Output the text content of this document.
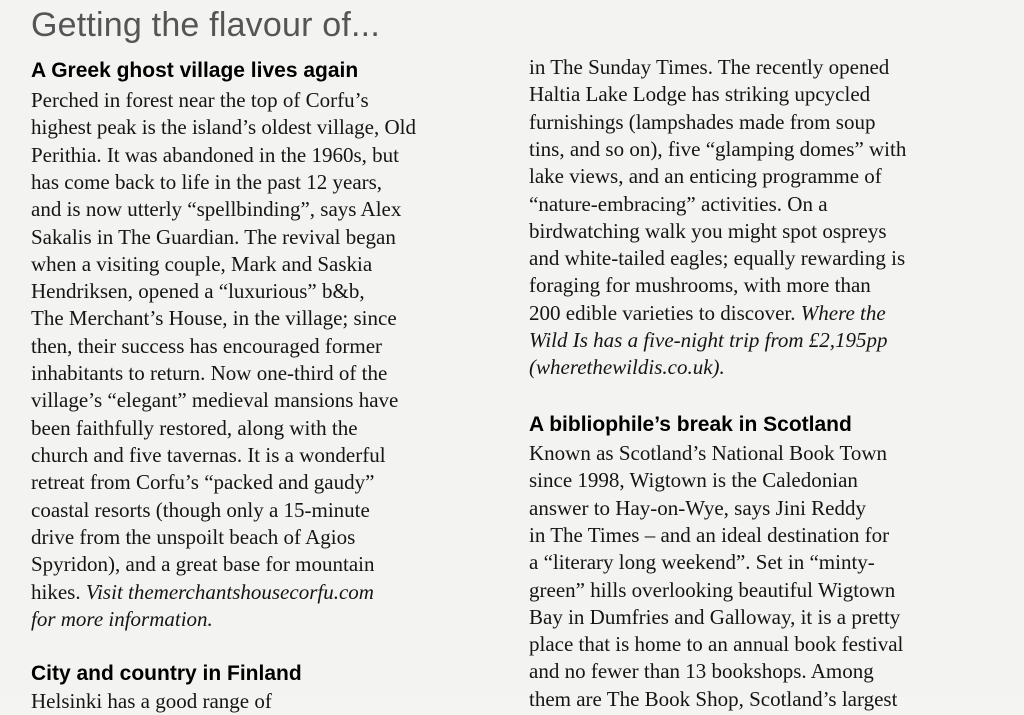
Getting the flavour of...
A Greek ghost village lives again
Perched in forest near the top of Corfu’s
highest peak is the island’s oldest village, Old
Perithia. It was abandoned in the 1960s, but
has come back to life in the past 12 years,
and is now utterly “spellbinding”, says Alex
Sakalis in The Guardian. The revival began
when a visiting couple, Mark and Saskia
Hendriksen, opened a “luxurious” b&b,
The Merchant’s House, in the village; since
then, their success has encouraged former
inhabitants to return. Now one-third of the
village’s “elegant” medieval mansions have
been faithfully restored, along with the
church and five tavernas. It is a wonderful
retreat from Corfu’s “packed and gaudy”
coastal resorts (though only a 15-minute
drive from the unspoilt beach of Agios
Spyridon), and a great base for mountain
hikes. Visit themerchantshousecorfu.com
for more information.
City and country in Finland
Helsinki has a good range of
in The Sunday Times. The recently opened
Haltia Lake Lodge has striking upcycled
furnishings (lampshades made from soup
tins, and so on), five “glamping domes” with
lake views, and an enticing programme of
“nature-embracing” activities. On a
birdwatching walk you might spot ospreys
and white-tailed eagles; equally rewarding is
foraging for mushrooms, with more than
200 edible varieties to discover. Where the
Wild Is has a five-night trip from £2,195pp
(wherethewildis.co.uk).
A bibliophile’s break in Scotland
Known as Scotland’s National Book Town
since 1998, Wigtown is the Caledonian
answer to Hay-on-Wye, says Jini Reddy
in The Times – and an ideal destination for
a “literary long weekend”. Set in “minty-
green” hills overlooking beautiful Wigtown
Bay in Dumfries and Galloway, it is a pretty
place that is home to an annual book festival
and no fewer than 13 bookshops. Among
them are The Book Shop, Scotland’s largest
